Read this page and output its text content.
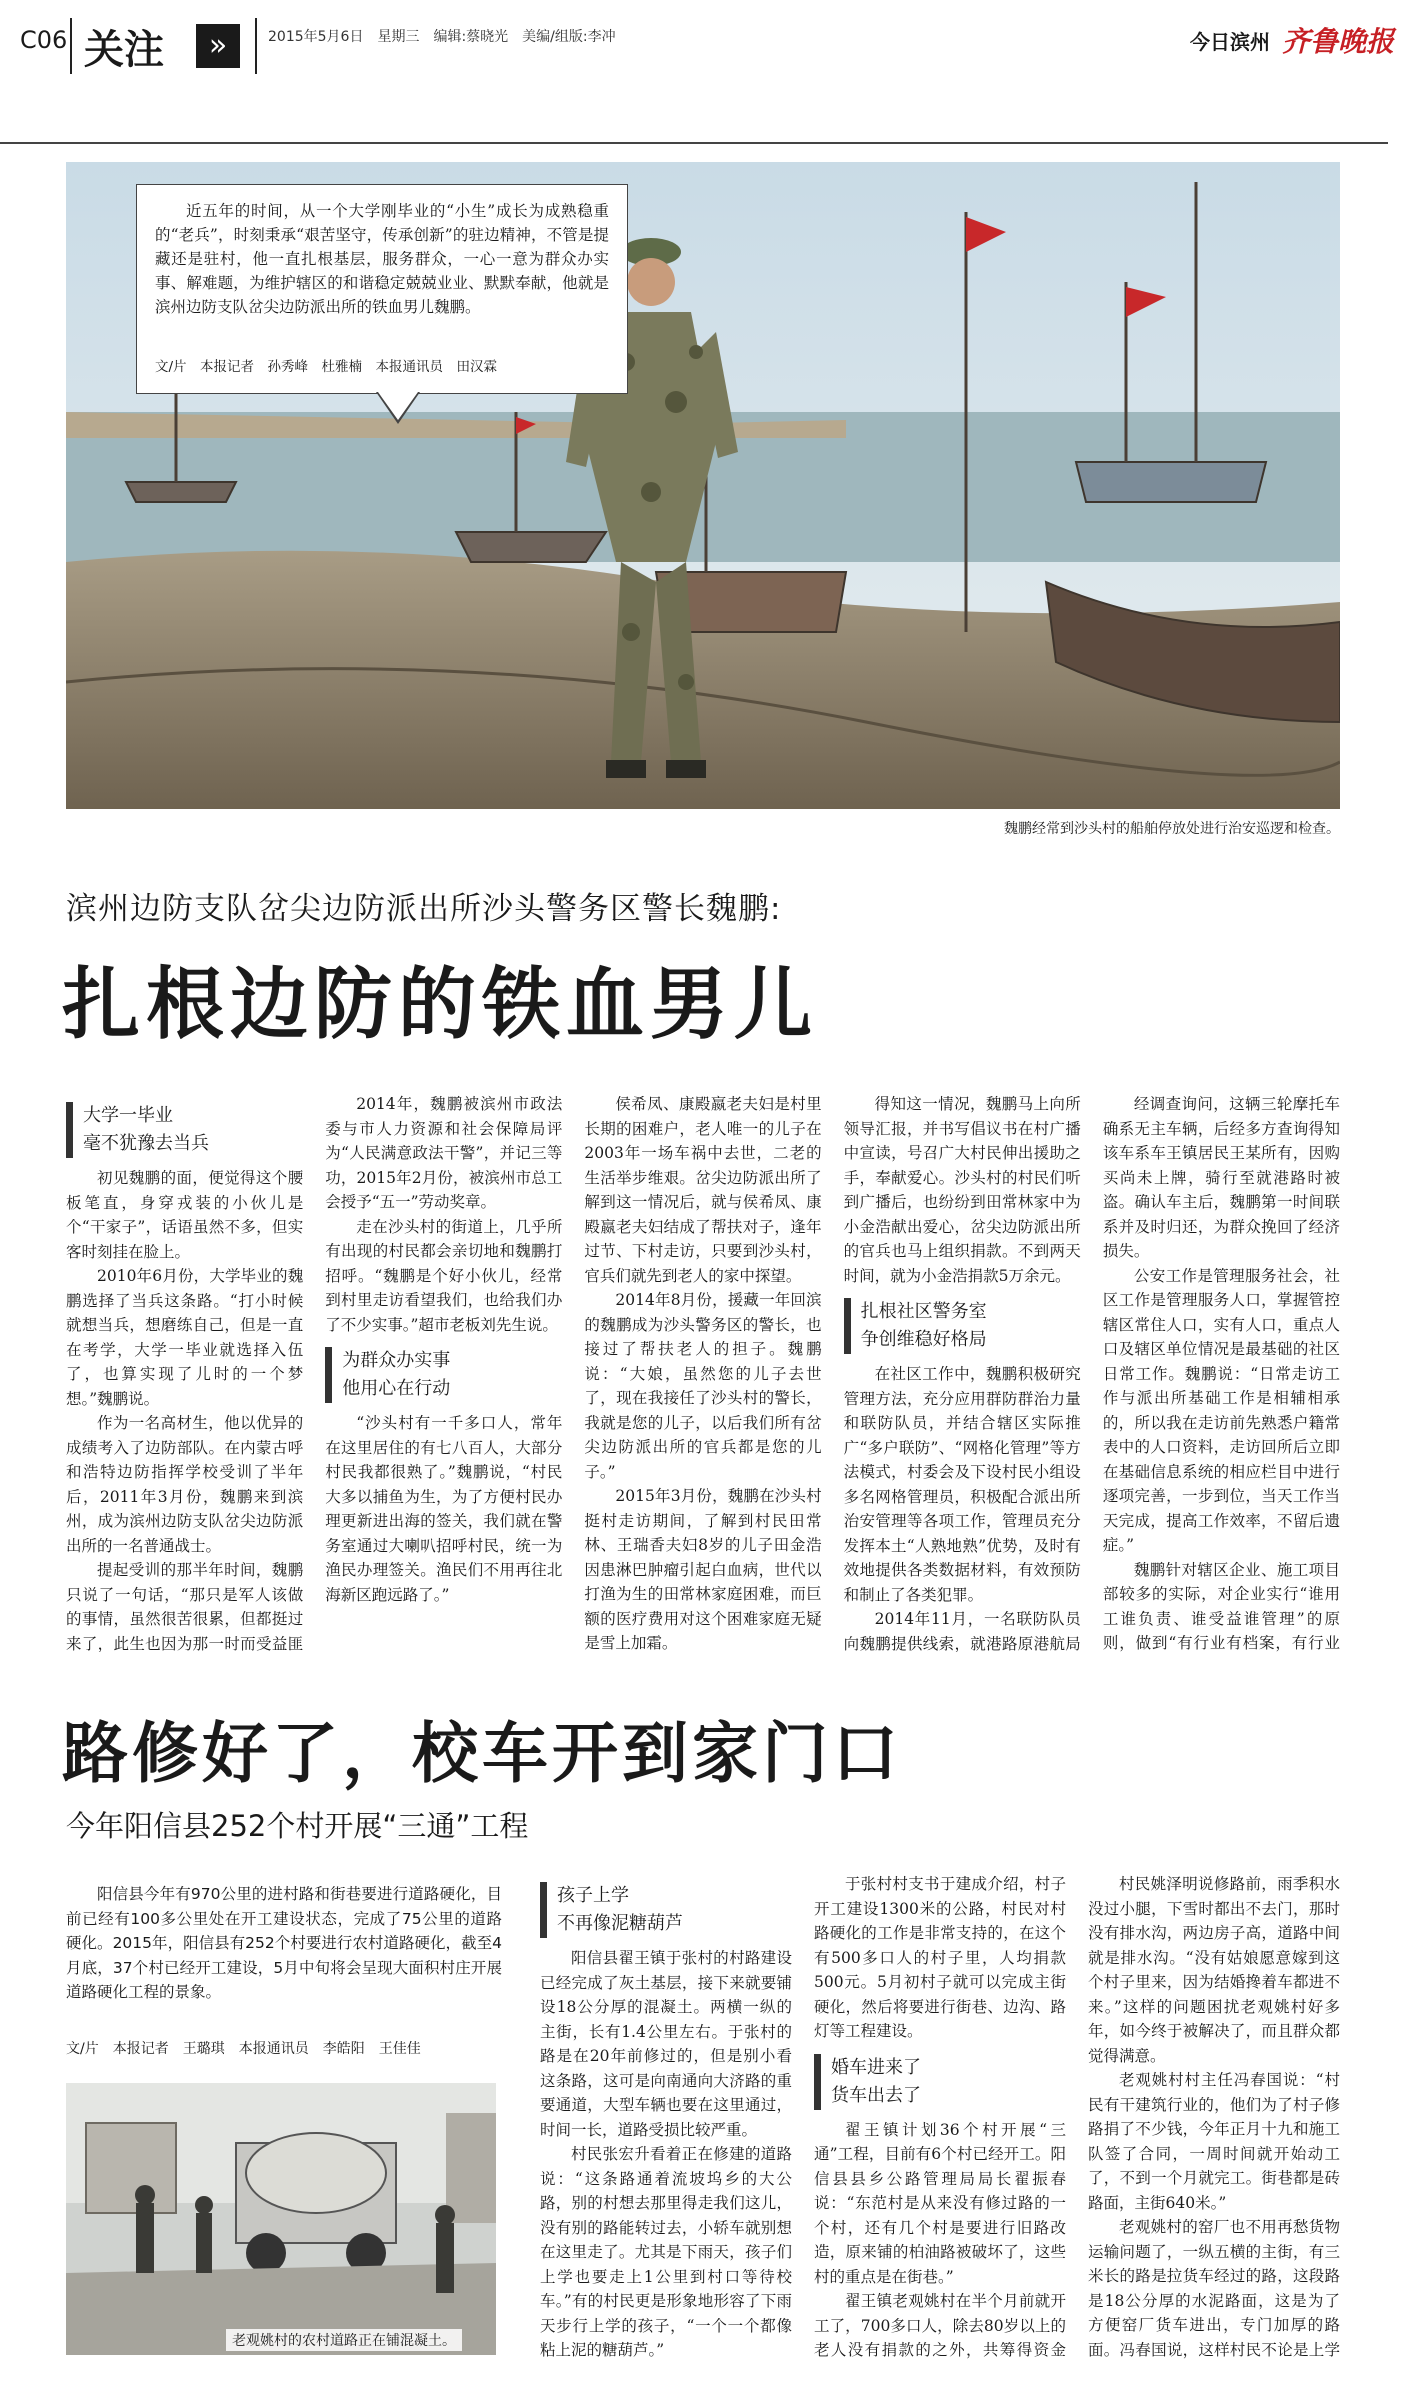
C06 关注	»	2015年5月6日　星期三　编辑:蔡晓光　美编/组版:李冲	今日滨州 齐鲁晚报
近五年的时间，从一个大学刚毕业的“小生”成长为成熟稳重的“老兵”，时刻秉承“艰苦坚守，传承创新”的驻边精神，不管是提藏还是驻村，他一直扎根基层，服务群众，一心一意为群众办实事、解难题，为维护辖区的和谐稳定兢兢业业、默默奉献，他就是滨州边防支队岔尖边防派出所的铁血男儿魏鹏。
文/片　本报记者　孙秀峰　杜雅楠　本报通讯员　田汉霖
魏鹏经常到沙头村的船舶停放处进行治安巡逻和检查。
滨州边防支队岔尖边防派出所沙头警务区警长魏鹏:
扎根边防的铁血男儿
大学一毕业
毫不犹豫去当兵

初见魏鹏的面，便觉得这个腰板笔直，身穿戎装的小伙儿是个“干家子”，话语虽然不多，但实客时刻挂在脸上。

2010年6月份，大学毕业的魏鹏选择了当兵这条路。“打小时候就想当兵，想磨练自己，但是一直在考学，大学一毕业就选择入伍了，也算实现了儿时的一个梦想。”魏鹏说。

作为一名高材生，他以优异的成绩考入了边防部队。在内蒙古呼和浩特边防指挥学校受训了半年后，2011年3月份，魏鹏来到滨州，成为滨州边防支队岔尖边防派出所的一名普通战士。

提起受训的那半年时间，魏鹏只说了一句话，“那只是军人该做的事情，虽然很苦很累，但都挺过来了，此生也因为那一时而受益匪

2014年，魏鹏被滨州市政法委与市人力资源和社会保障局评为“人民满意政法干警”，并记三等功，2015年2月份，被滨州市总工会授予“五一”劳动奖章。

走在沙头村的街道上，几乎所有出现的村民都会亲切地和魏鹏打招呼。“魏鹏是个好小伙儿，经常到村里走访看望我们，也给我们办了不少实事。”超市老板刘先生说。

为群众办实事
他用心在行动

“沙头村有一千多口人，常年在这里居住的有七八百人，大部分村民我都很熟了。”魏鹏说，“村民大多以捕鱼为生，为了方便村民办理更新进出海的签关，我们就在警务室通过大喇叭招呼村民，统一为渔民办理签关。渔民们不用再往北海新区跑远路了。”

侯希凤、康殿嬴老夫妇是村里长期的困难户，老人唯一的儿子在2003年一场车祸中去世，二老的生活举步维艰。岔尖边防派出所了解到这一情况后，就与侯希凤、康殿嬴老夫妇结成了帮扶对子，逢年过节、下村走访，只要到沙头村，官兵们就先到老人的家中探望。

2014年8月份，援藏一年回滨的魏鹏成为沙头警务区的警长，也接过了帮扶老人的担子。魏鹏说：“大娘，虽然您的儿子去世了，现在我接任了沙头村的警长，我就是您的儿子，以后我们所有岔尖边防派出所的官兵都是您的儿子。”

2015年3月份，魏鹏在沙头村挺村走访期间，了解到村民田常林、王瑞香夫妇8岁的儿子田金浩因患淋巴肿瘤引起白血病，世代以打渔为生的田常林家庭困难，而巨额的医疗费用对这个困难家庭无疑是雪上加霜。

得知这一情况，魏鹏马上向所领导汇报，并书写倡议书在村广播中宣读，号召广大村民伸出援助之手，奉献爱心。沙头村的村民们听到广播后，也纷纷到田常林家中为小金浩献出爱心，岔尖边防派出所的官兵也马上组织捐款。不到两天时间，就为小金浩捐款5万余元。

扎根社区警务室
争创维稳好格局

在社区工作中，魏鹏积极研究管理方法，充分应用群防群治力量和联防队员，并结合辖区实际推广“多户联防”、“网格化管理”等方法模式，村委会及下设村民小组设多名网格管理员，积极配合派出所治安管理等各项工作，管理员充分发挥本土“人熟地熟”优势，及时有效地提供各类数据材料，有效预防和制止了各类犯罪。

2014年11月，一名联防队员向魏鹏提供线索，就港路原港航局

经调查询问，这辆三轮摩托车确系无主车辆，后经多方查询得知该车系车王镇居民王某所有，因购买尚未上牌，骑行至就港路时被盗。确认车主后，魏鹏第一时间联系并及时归还，为群众挽回了经济损失。

公安工作是管理服务社会，社区工作是管理服务人口，掌握管控辖区常住人口，实有人口，重点人口及辖区单位情况是最基础的社区日常工作。魏鹏说：“日常走访工作与派出所基础工作是相辅相承的，所以我在走访前先熟悉户籍常表中的人口资料，走访回所后立即在基础信息系统的相应栏目中进行逐项完善，一步到位，当天工作当天完成，提高工作效率，不留后遗症。”

魏鹏针对辖区企业、施工项目部较多的实际，对企业实行“谁用工谁负责、谁受益谁管理”的原则，做到“有行业有档案，有行业

路修好了，校车开到家门口
今年阳信县252个村开展“三通”工程
阳信县今年有970公里的进村路和街巷要进行道路硬化，目前已经有100多公里处在开工建设状态，完成了75公里的道路硬化。2015年，阳信县有252个村要进行农村道路硬化，截至4月底，37个村已经开工建设，5月中旬将会呈现大面积村庄开展道路硬化工程的景象。
文/片　本报记者　王璐琪　本报通讯员　李皓阳　王佳佳
老观姚村的农村道路正在铺混凝土。
孩子上学
不再像泥糖葫芦

阳信县翟王镇于张村的村路建设已经完成了灰土基层，接下来就要铺设18公分厚的混凝土。两横一纵的主街，长有1.4公里左右。于张村的路是在20年前修过的，但是别小看这条路，这可是向南通向大济路的重要通道，大型车辆也要在这里通过，时间一长，道路受损比较严重。

村民张宏升看着正在修建的道路说：“这条路通着流坡坞乡的大公路，别的村想去那里得走我们这儿，没有别的路能转过去，小轿车就别想在这里走了。尤其是下雨天，孩子们上学也要走上1公里到村口等待校车。”有的村民更是形象地形容了下雨天步行上学的孩子，“一个一个都像粘上泥的糖葫芦。”

于张村村支书于建成介绍，村子开工建设1300米的公路，村民对村路硬化的工作是非常支持的，在这个有500多口人的村子里，人均捐款500元。5月初村子就可以完成主街硬化，然后将要进行街巷、边沟、路灯等工程建设。

婚车进来了
货车出去了

翟王镇计划36个村开展“三通”工程，目前有6个村已经开工。阳信县县乡公路管理局局长翟振春说：“东范村是从来没有修过路的一个村，还有几个村是要进行旧路改造，原来铺的柏油路被破坏了，这些村的重点是在街巷。”

翟王镇老观姚村在半个月前就开工了，700多口人，除去80岁以上的老人没有捐款的之外，共筹得资金

村民姚泽明说修路前，雨季积水没过小腿，下雪时都出不去门，那时没有排水沟，两边房子高，道路中间就是排水沟。“没有姑娘愿意嫁到这个村子里来，因为结婚搀着车都进不来。”这样的问题困扰老观姚村好多年，如今终于被解决了，而且群众都觉得满意。

老观姚村村主任冯春国说：“村民有干建筑行业的，他们为了村子修路捐了不少钱，今年正月十九和施工队签了合同，一周时间就开始动工了，不到一个月就完工。街巷都是砖路面，主街640米。”

老观姚村的窑厂也不用再愁货物运输问题了，一纵五横的主街，有三米长的路是拉货车经过的路，这段路是18公分厚的水泥路面，这是为了方便窑厂货车进出，专门加厚的路面。冯春国说，这样村民不论是上学
